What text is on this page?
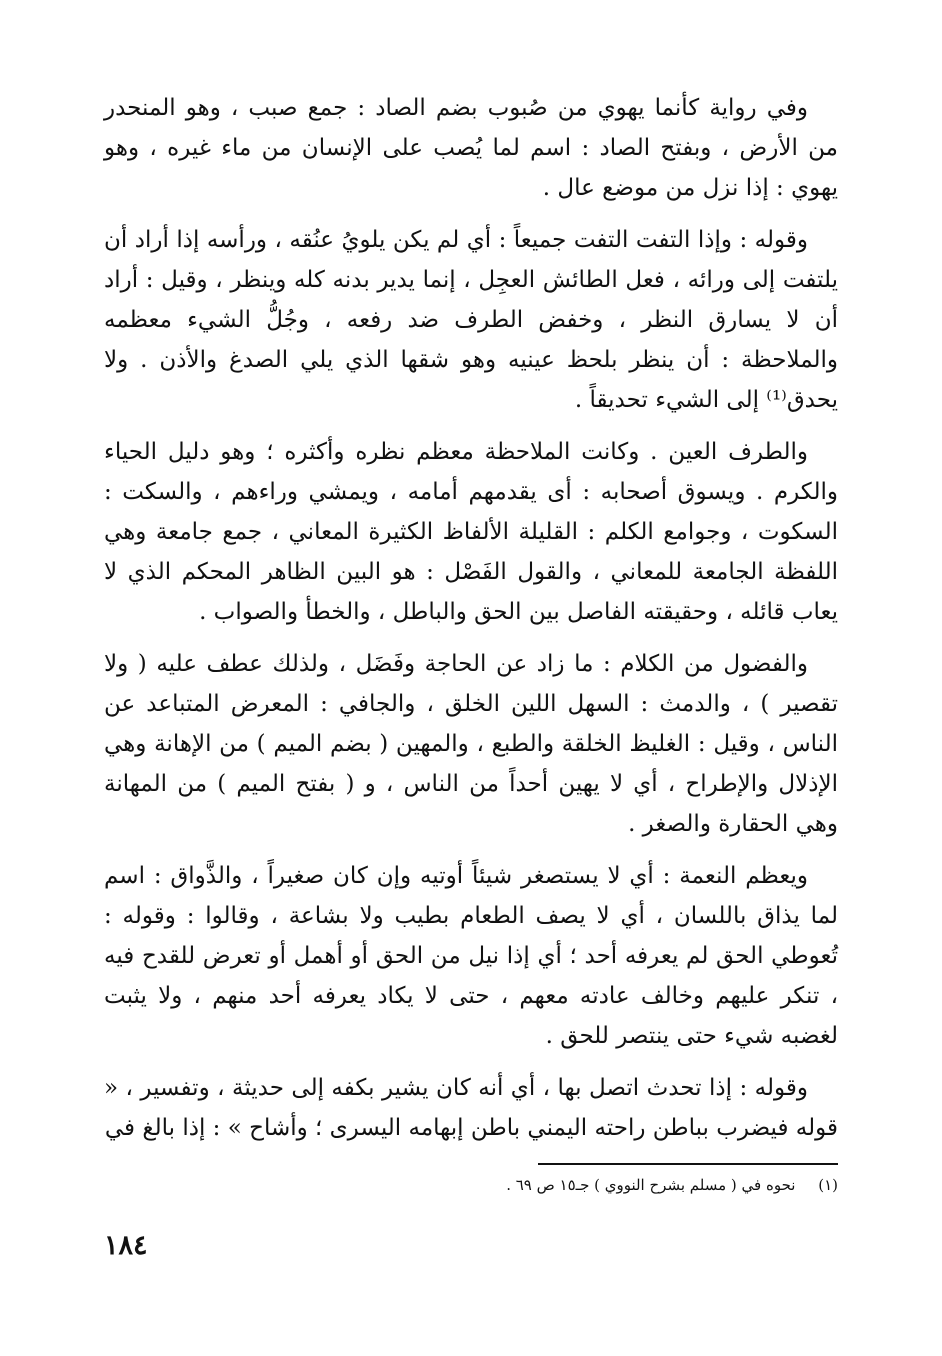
وفي رواية كأنما يهوي من صُبوب بضم الصاد : جمع صبب ، وهو المنحدر من الأرض ، وبفتح الصاد : اسم لما يُصب على الإنسان من ماء غيره ، وهو يهوي : إذا نزل من موضع عال .

وقوله : وإذا التفت التفت جميعاً : أي لم يكن يلويُ عنُقه ، ورأسه إذا أراد أن يلتفت إلى ورائه ، فعل الطائش العجِل ، إنما يدير بدنه كله وينظر ، وقيل : أراد أن لا يسارق النظر ، وخفض الطرف ضد رفعه ، وجُلُّ الشيء معظمه والملاحظة : أن ينظر بلحظ عينيه وهو شقها الذي يلي الصدغ والأذن . ولا يحدق⁽¹⁾ إلى الشيء تحديقاً .

والطرف العين . وكانت الملاحظة معظم نظره وأكثره ؛ وهو دليل الحياء والكرم . ويسوق أصحابه : أى يقدمهم أمامه ، ويمشي وراءهم ، والسكت : السكوت ، وجوامع الكلم : القليلة الألفاظ الكثيرة المعاني ، جمع جامعة وهي اللفظة الجامعة للمعاني ، والقول الفَصْل : هو البين الظاهر المحكم الذي لا يعاب قائله ، وحقيقته الفاصل بين الحق والباطل ، والخطأ والصواب .

والفضول من الكلام : ما زاد عن الحاجة وفَضَل ، ولذلك عطف عليه ( ولا تقصير ) ، والدمث : السهل اللين الخلق ، والجافي : المعرض المتباعد عن الناس ، وقيل : الغليظ الخلقة والطبع ، والمهين ( بضم الميم ) من الإهانة وهي الإذلال والإطراح ، أي لا يهين أحداً من الناس ، و ( بفتح الميم ) من المهانة وهي الحقارة والصغر .

ويعظم النعمة : أي لا يستصغر شيئاً أوتيه وإن كان صغيراً ، والذَّواق : اسم لما يذاق باللسان ، أي لا يصف الطعام بطيب ولا بشاعة ، وقالوا : وقوله : تُعوطي الحق لم يعرفه أحد ؛ أي إذا نيل من الحق أو أهمل أو تعرض للقدح فيه ، تنكر عليهم وخالف عادته معهم ، حتى لا يكاد يعرفه أحد منهم ، ولا يثبت لغضبه شيء حتى ينتصر للحق .

وقوله : إذا تحدث اتصل بها ، أي أنه كان يشير بكفه إلى حديثة ، وتفسير ، « قوله فيضرب بباطن راحته اليمني باطن إبهامه اليسرى ؛ وأشاح » : إذا بالغ في

(١) نحوه في ( مسلم بشرح النووي ) جـ١٥ ص ٦٩ .
١٨٤
